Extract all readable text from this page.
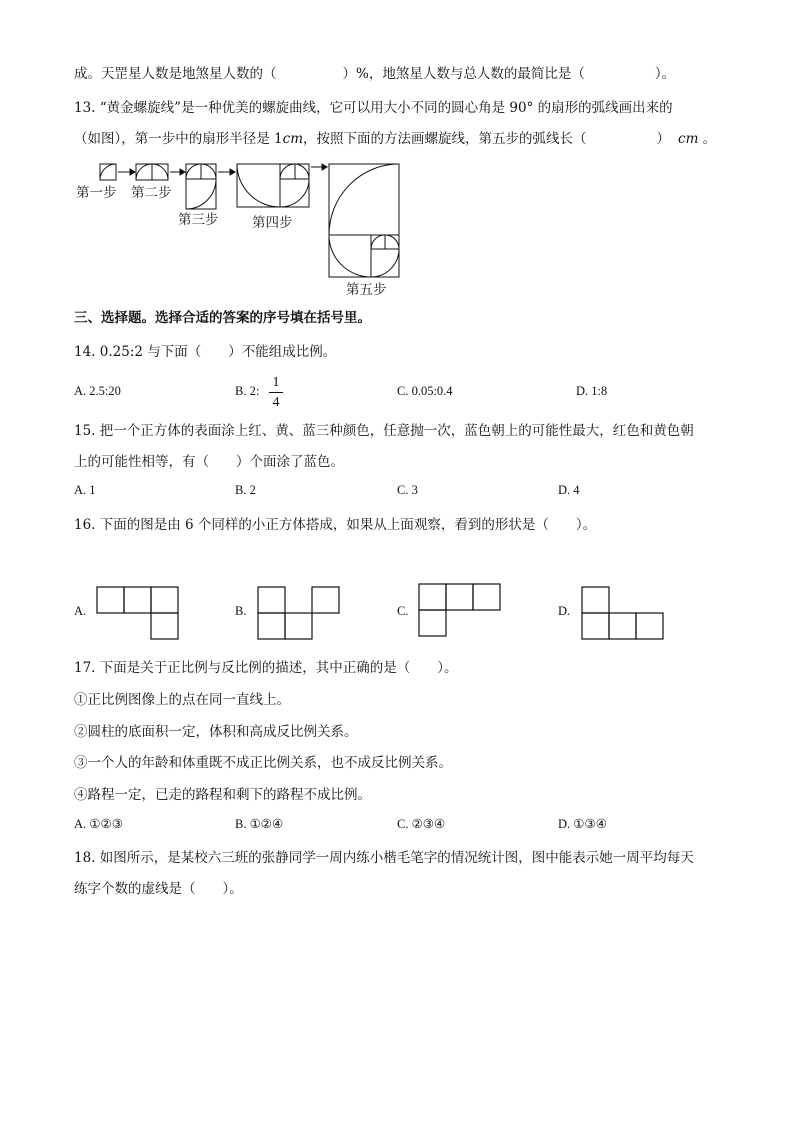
成。天罡星人数是地煞星人数的（	）%，地煞星人数与总人数的最简比是（	）。
13. “黄金螺旋线”是一种优美的螺旋曲线，它可以用大小不同的圆心角是 90° 的扇形的弧线画出来的
（如图），第一步中的扇形半径是 1cm，按照下面的方法画螺旋线，第五步的弧线长（	） cm 。
第一步 第二步
第三步 第四步
第五步
三、选择题。选择合适的答案的序号填在括号里。
14. 0.25:2 与下面（　　）不能组成比例。
A. 2.5:20	B. 2:
1
4
C. 0.05:0.4	D. 1:8
15. 把一个正方体的表面涂上红、黄、蓝三种颜色，任意抛一次，蓝色朝上的可能性最大，红色和黄色朝
上的可能性相等，有（　　）个面涂了蓝色。
A. 1	B. 2	C. 3	D. 4
16. 下面的图是由 6 个同样的小正方体搭成，如果从上面观察，看到的形状是（　　）。
A.	B.	C.	D.
17. 下面是关于正比例与反比例的描述，其中正确的是（　　）。
①正比例图像上的点在同一直线上。
②圆柱的底面积一定，体积和高成反比例关系。
③一个人的年龄和体重既不成正比例关系，也不成反比例关系。
④路程一定，已走的路程和剩下的路程不成比例。
A. ①②③	B. ①②④	C. ②③④	D. ①③④
18. 如图所示，是某校六三班的张静同学一周内练小楷毛笔字的情况统计图，图中能表示她一周平均每天
练字个数的虚线是（　　）。
